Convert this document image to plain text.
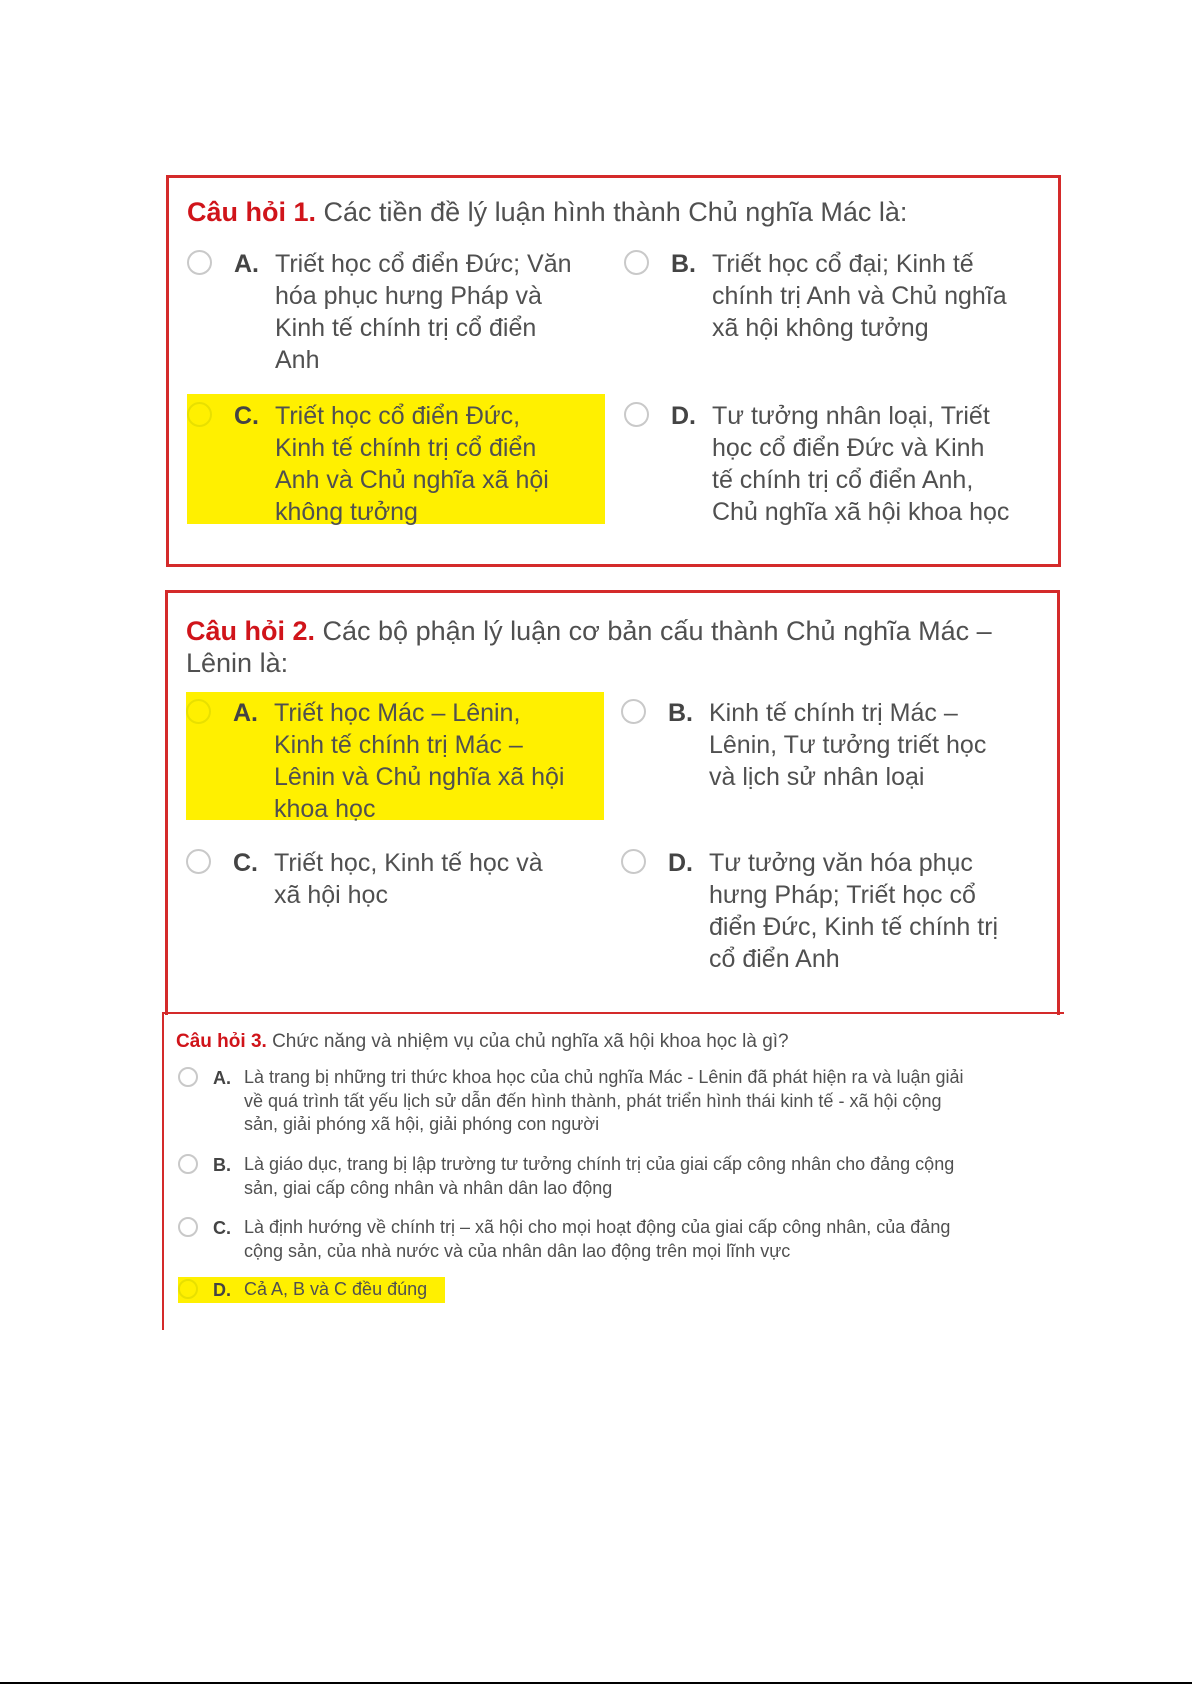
Câu hỏi 1. Các tiền đề lý luận hình thành Chủ nghĩa Mác là:
A. Triết học cổ điển Đức; Văn
hóa phục hưng Pháp và
Kinh tế chính trị cổ điển
Anh
B. Triết học cổ đại; Kinh tế
chính trị Anh và Chủ nghĩa
xã hội không tưởng
C. Triết học cổ điển Đức,
Kinh tế chính trị cổ điển
Anh và Chủ nghĩa xã hội
không tưởng
D. Tư tưởng nhân loại, Triết
học cổ điển Đức và Kinh
tế chính trị cổ điển Anh,
Chủ nghĩa xã hội khoa học
Câu hỏi 2. Các bộ phận lý luận cơ bản cấu thành Chủ nghĩa Mác –
Lênin là:
A. Triết học Mác – Lênin,
Kinh tế chính trị Mác –
Lênin và Chủ nghĩa xã hội
khoa học
B. Kinh tế chính trị Mác –
Lênin, Tư tưởng triết học
và lịch sử nhân loại
C. Triết học, Kinh tế học và
xã hội học
D. Tư tưởng văn hóa phục
hưng Pháp; Triết học cổ
điển Đức, Kinh tế chính trị
cổ điển Anh
Câu hỏi 3. Chức năng và nhiệm vụ của chủ nghĩa xã hội khoa học là gì?
A. Là trang bị những tri thức khoa học của chủ nghĩa Mác - Lênin đã phát hiện ra và luận giải
về quá trình tất yếu lịch sử dẫn đến hình thành, phát triển hình thái kinh tế - xã hội cộng
sản, giải phóng xã hội, giải phóng con người
B. Là giáo dục, trang bị lập trường tư tưởng chính trị của giai cấp công nhân cho đảng cộng
sản, giai cấp công nhân và nhân dân lao động
C. Là định hướng về chính trị – xã hội cho mọi hoạt động của giai cấp công nhân, của đảng
cộng sản, của nhà nước và của nhân dân lao động trên mọi lĩnh vực
D. Cả A, B và C đều đúng
